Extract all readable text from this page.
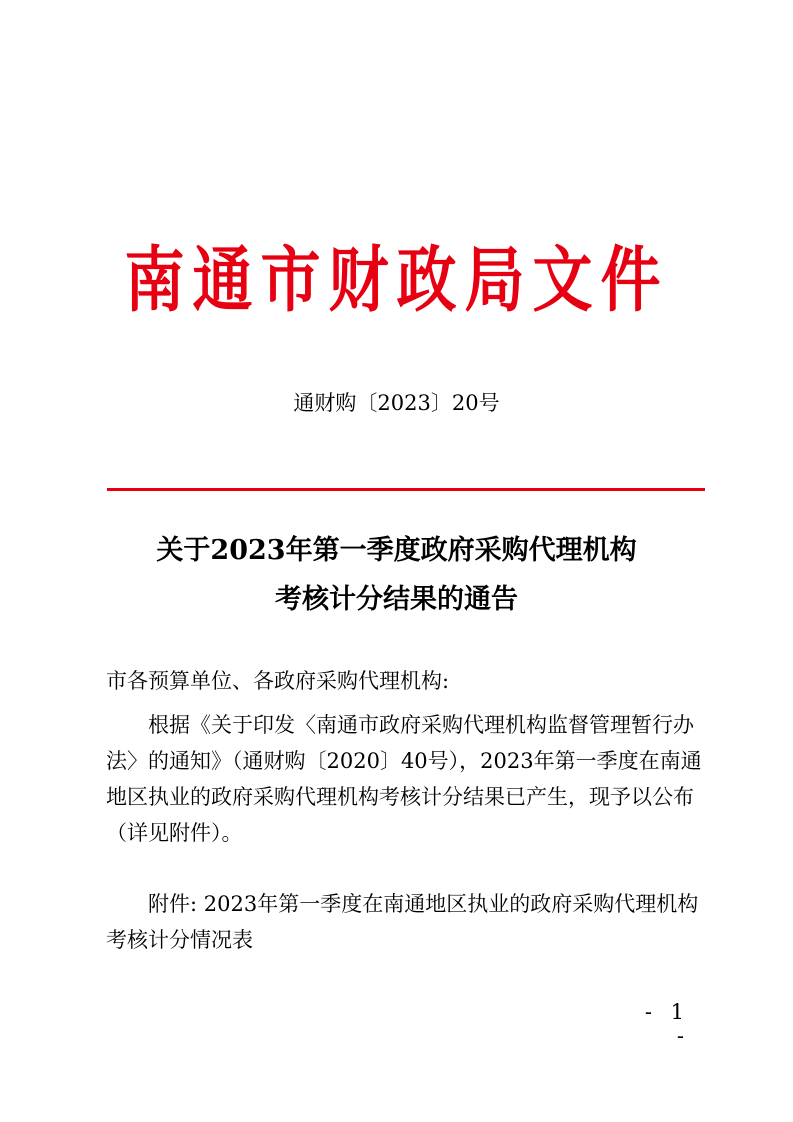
南通市财政局文件
通财购〔2023〕20号
关于2023年第一季度政府采购代理机构
考核计分结果的通告
市各预算单位、各政府采购代理机构:
根据《关于印发〈南通市政府采购代理机构监督管理暂行办
法〉的通知》（通财购〔2020〕40号），2023年第一季度在南通
地区执业的政府采购代理机构考核计分结果已产生，现予以公布
（详见附件）。
附件: 2023年第一季度在南通地区执业的政府采购代理机构
考核计分情况表
- 1 -
